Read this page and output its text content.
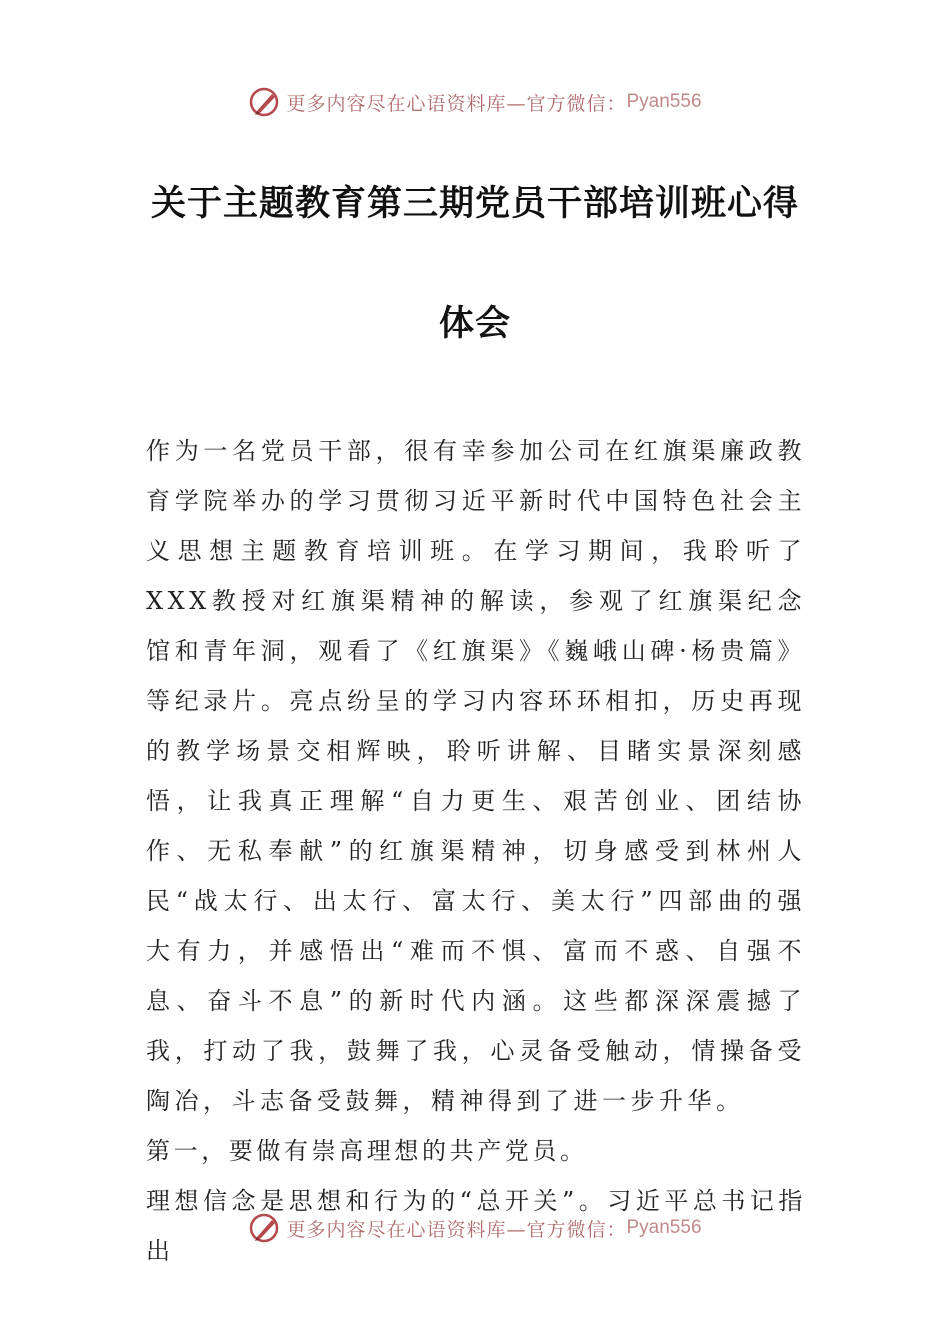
更多内容尽在心语资料库—官方微信： Pyan556
关于主题教育第三期党员干部培训班心得
体会

作为一名党员干部，很有幸参加公司在红旗渠廉政教育学院举办的学习贯彻习近平新时代中国特色社会主义思想主题教育培训班。在学习期间，我聆听了XXX教授对红旗渠精神的解读，参观了红旗渠纪念馆和青年洞，观看了《红旗渠》《巍峨山碑·杨贵篇》等纪录片。亮点纷呈的学习内容环环相扣，历史再现的教学场景交相辉映，聆听讲解、目睹实景深刻感悟，让我真正理解“自力更生、艰苦创业、团结协作、无私奉献”的红旗渠精神，切身感受到林州人民“战太行、出太行、富太行、美太行”四部曲的强大有力，并感悟出“难而不惧、富而不惑、自强不息、奋斗不息”的新时代内涵。这些都深深震撼了我，打动了我，鼓舞了我，心灵备受触动，情操备受陶冶，斗志备受鼓舞，精神得到了进一步升华。

第一，要做有崇高理想的共产党员。

理想信念是思想和行为的“总开关”。习近平总书记指出

更多内容尽在心语资料库—官方微信： Pyan556
